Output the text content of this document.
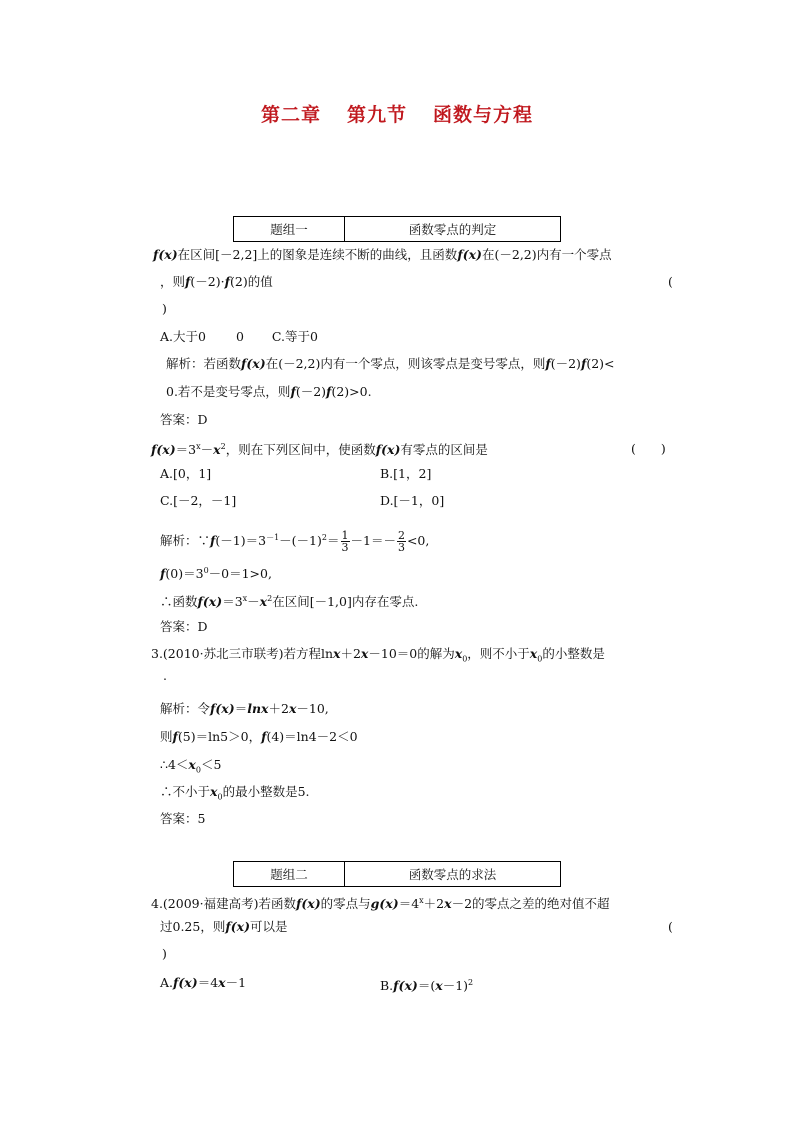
第二章 第九节 函数与方程
题组一	函数零点的判定
f(x)在区间[－2,2]上的图象是连续不断的曲线，且函数f(x)在(－2,2)内有一个零点
，则f(－2)·f(2)的值	(
)
A.大于0 0 C.等于0
解析：若函数f(x)在(－2,2)内有一个零点，则该零点是变号零点，则f(－2)f(2)<
0.若不是变号零点，则f(－2)f(2)>0.
答案：D
$f(x)=3^x-x^2$，则在下列区间中，使函数f(x)有零点的区间是	(　　)
A.[0，1]	B.[1，2]
C.[－2，－1]	D.[－1，0]
解析：$\because f(-1)=3^{-1}-(-1)^2= \frac{1}{3} -1=- \frac{2}{3} <0$,
$f(0)=3^0-0=1>0$,
∴函数$f(x)=3^x-x^2$在区间[－1,0]内存在零点.
答案：D
3.(2010·苏北三市联考)若方程lnx＋2x－10＝0的解为$x_0$，则不小于$x_0$的小整数是
.
解析：令f(x)＝lnx＋2x－10,
则f(5)＝ln5＞0，f(4)＝ln4－2＜0
$\therefore 4<x_0<5$
∴不小于$x_0$的最小整数是5.
答案：5
题组二	函数零点的求法
4.(2009·福建高考)若函数f(x)的零点与$g(x)=4^x+2x-2$的零点之差的绝对值不超
过0.25，则f(x)可以是	(
)
A.f(x)＝4x－1	$B.f(x)=(x-1)^2$
